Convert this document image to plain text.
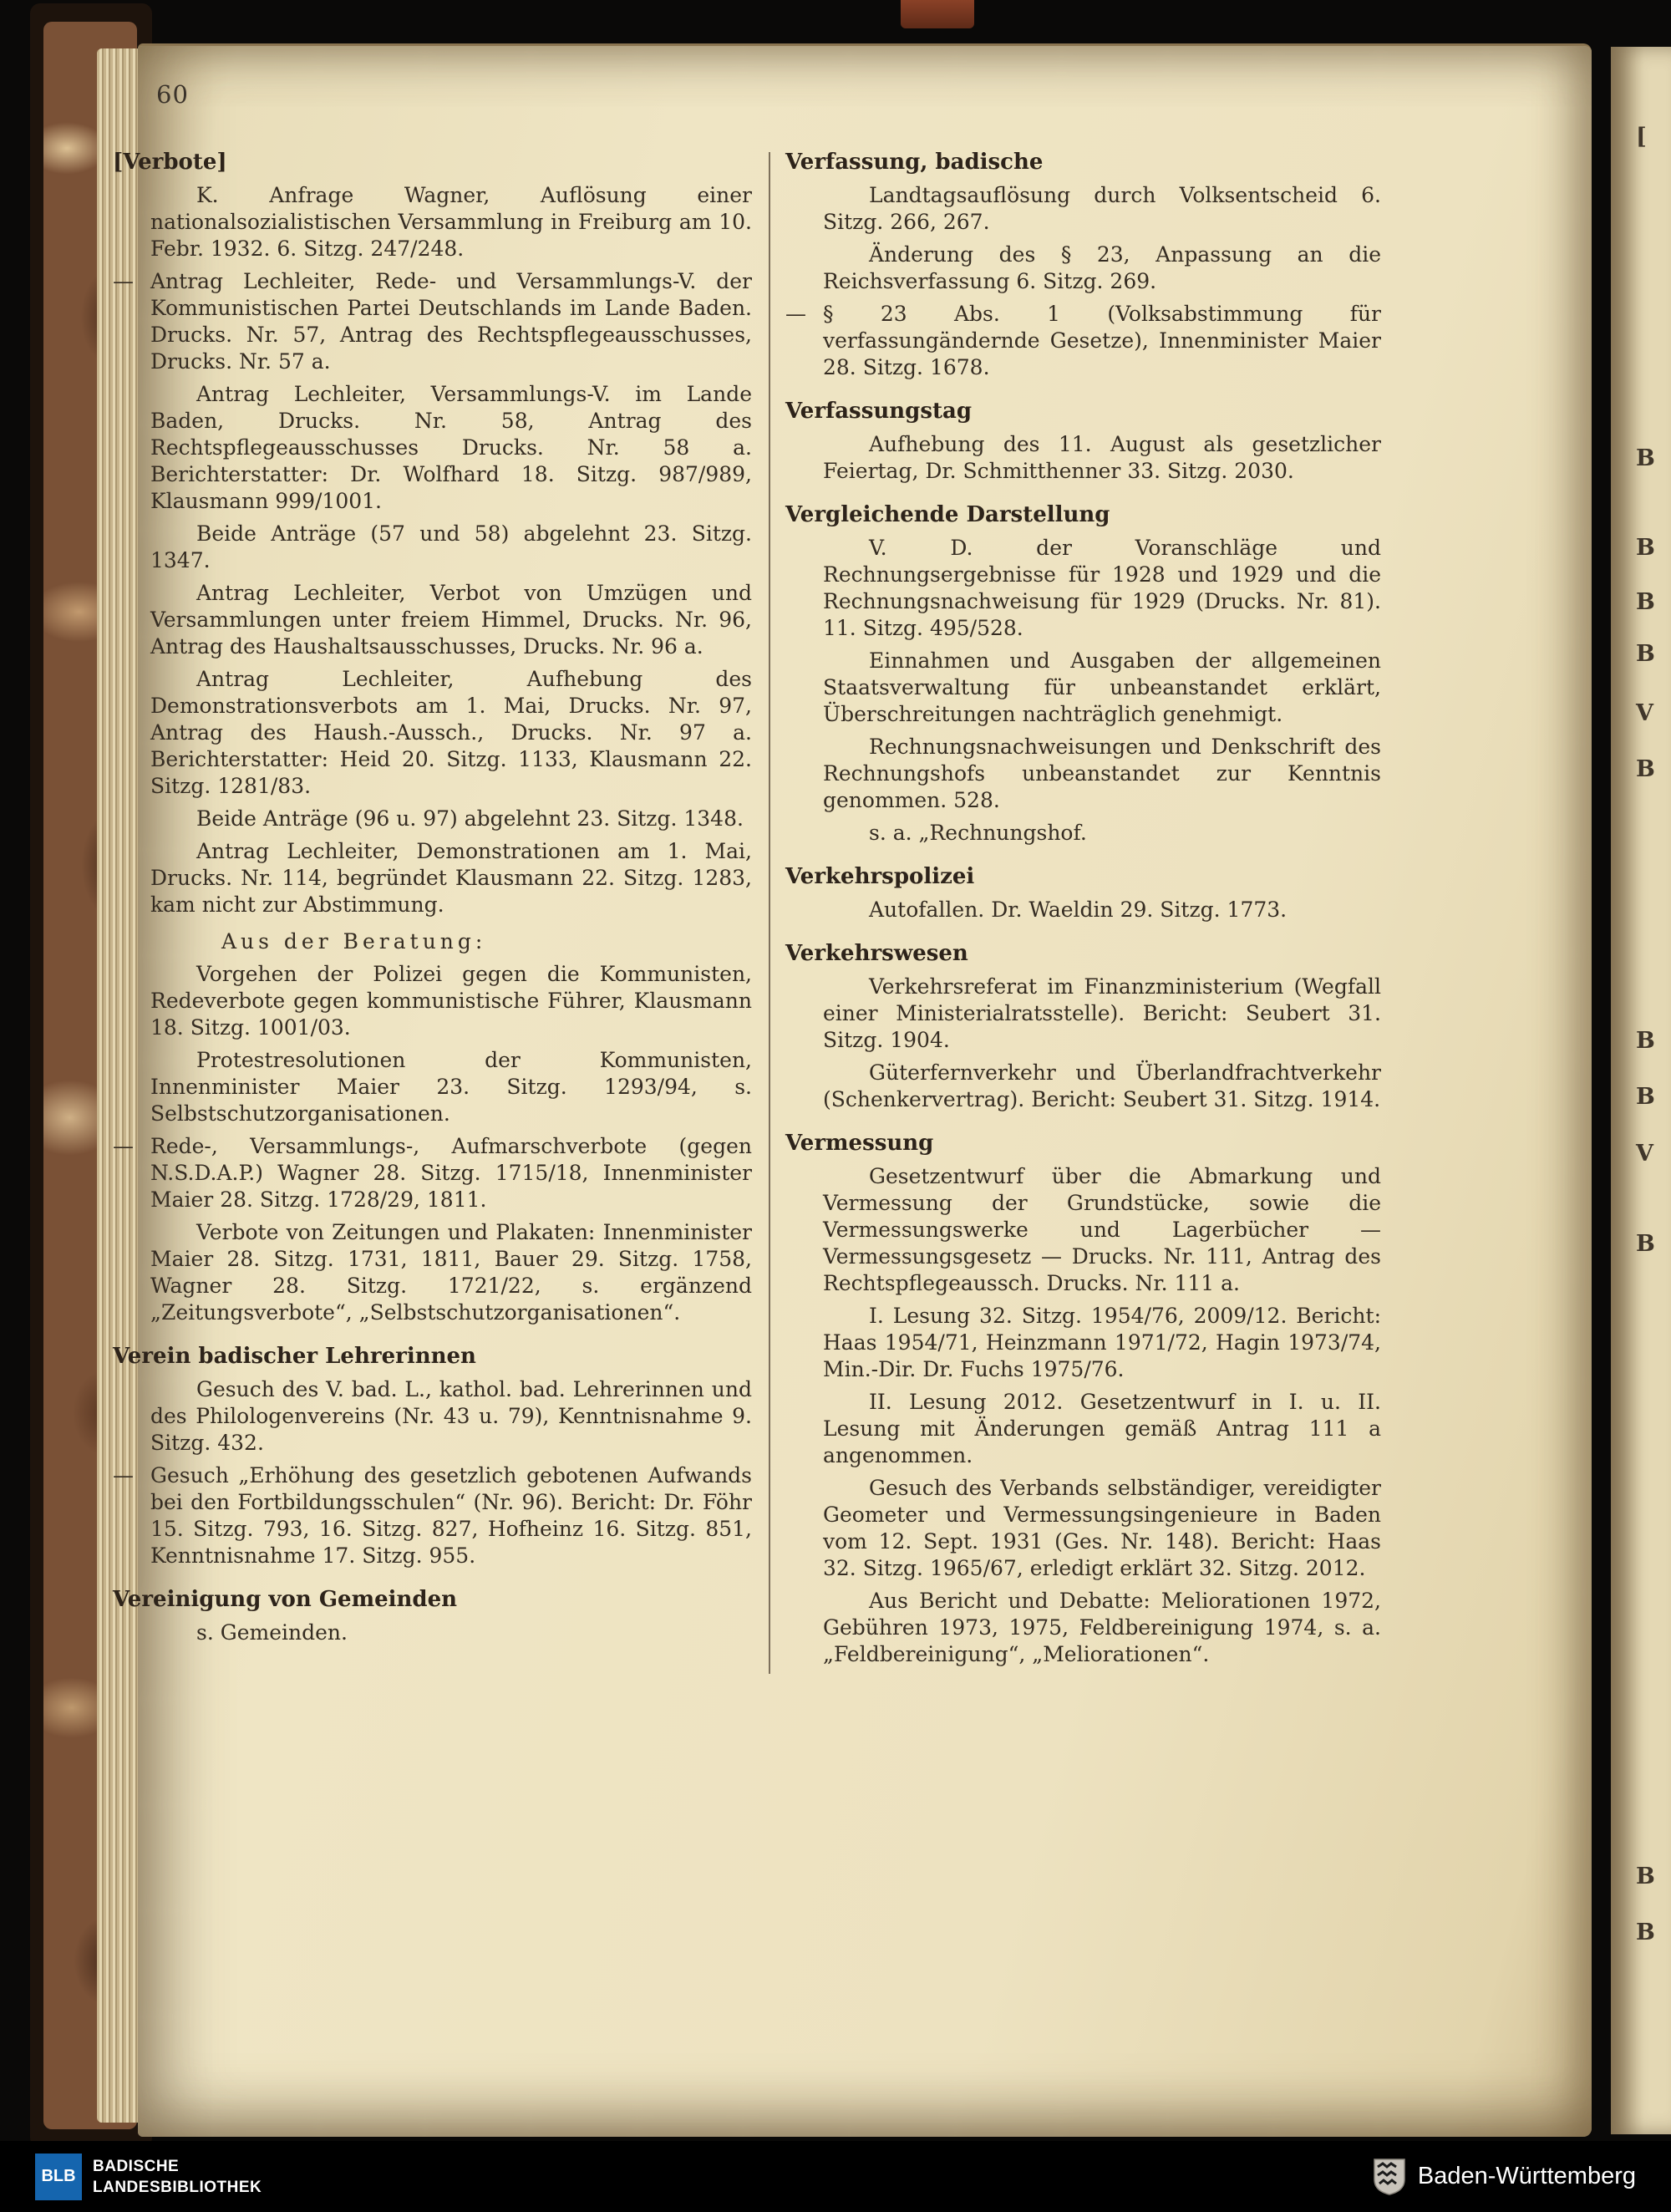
60
[Verbote]

K. Anfrage Wagner, Auflösung einer nationalsozialistischen Versammlung in Freiburg am 10. Febr. 1932. 6. Sitzg. 247/248.

— Antrag Lechleiter, Rede- und Versammlungs-V. der Kommunistischen Partei Deutschlands im Lande Baden. Drucks. Nr. 57, Antrag des Rechtspflegeausschusses, Drucks. Nr. 57 a.

Antrag Lechleiter, Versammlungs-V. im Lande Baden, Drucks. Nr. 58, Antrag des Rechtspflegeausschusses Drucks. Nr. 58 a. Berichterstatter: Dr. Wolfhard 18. Sitzg. 987/989, Klausmann 999/1001.

Beide Anträge (57 und 58) abgelehnt 23. Sitzg. 1347.

Antrag Lechleiter, Verbot von Umzügen und Versammlungen unter freiem Himmel, Drucks. Nr. 96, Antrag des Haushaltsausschusses, Drucks. Nr. 96 a.

Antrag Lechleiter, Aufhebung des Demonstrationsverbots am 1. Mai, Drucks. Nr. 97, Antrag des Haush.-Aussch., Drucks. Nr. 97 a. Berichterstatter: Heid 20. Sitzg. 1133, Klausmann 22. Sitzg. 1281/83.

Beide Anträge (96 u. 97) abgelehnt 23. Sitzg. 1348.

Antrag Lechleiter, Demonstrationen am 1. Mai, Drucks. Nr. 114, begründet Klausmann 22. Sitzg. 1283, kam nicht zur Abstimmung.

Aus der Beratung:

Vorgehen der Polizei gegen die Kommunisten, Redeverbote gegen kommunistische Führer, Klausmann 18. Sitzg. 1001/03.

Protestresolutionen der Kommunisten, Innenminister Maier 23. Sitzg. 1293/94, s. Selbstschutzorganisationen.

— Rede-, Versammlungs-, Aufmarschverbote (gegen N.S.D.A.P.) Wagner 28. Sitzg. 1715/18, Innenminister Maier 28. Sitzg. 1728/29, 1811.

Verbote von Zeitungen und Plakaten: Innenminister Maier 28. Sitzg. 1731, 1811, Bauer 29. Sitzg. 1758, Wagner 28. Sitzg. 1721/22, s. ergänzend „Zeitungsverbote“, „Selbstschutzorganisationen“.

Verein badischer Lehrerinnen

Gesuch des V. bad. L., kathol. bad. Lehrerinnen und des Philologenvereins (Nr. 43 u. 79), Kenntnisnahme 9. Sitzg. 432.

— Gesuch „Erhöhung des gesetzlich gebotenen Aufwands bei den Fortbildungsschulen“ (Nr. 96). Bericht: Dr. Föhr 15. Sitzg. 793, 16. Sitzg. 827, Hofheinz 16. Sitzg. 851, Kenntnisnahme 17. Sitzg. 955.

Vereinigung von Gemeinden

s. Gemeinden.

Verfassung, badische

Landtagsauflösung durch Volksentscheid 6. Sitzg. 266, 267.

Änderung des § 23, Anpassung an die Reichsverfassung 6. Sitzg. 269.

— § 23 Abs. 1 (Volksabstimmung für verfassungändernde Gesetze), Innenminister Maier 28. Sitzg. 1678.

Verfassungstag

Aufhebung des 11. August als gesetzlicher Feiertag, Dr. Schmitthenner 33. Sitzg. 2030.

Vergleichende Darstellung

V. D. der Voranschläge und Rechnungsergebnisse für 1928 und 1929 und die Rechnungsnachweisung für 1929 (Drucks. Nr. 81). 11. Sitzg. 495/528.

Einnahmen und Ausgaben der allgemeinen Staatsverwaltung für unbeanstandet erklärt, Überschreitungen nachträglich genehmigt.

Rechnungsnachweisungen und Denkschrift des Rechnungshofs unbeanstandet zur Kenntnis genommen. 528.

s. a. „Rechnungshof.

Verkehrspolizei

Autofallen. Dr. Waeldin 29. Sitzg. 1773.

Verkehrswesen

Verkehrsreferat im Finanzministerium (Wegfall einer Ministerialratsstelle). Bericht: Seubert 31. Sitzg. 1904.

Güterfernverkehr und Überlandfrachtverkehr (Schenkervertrag). Bericht: Seubert 31. Sitzg. 1914.

Vermessung

Gesetzentwurf über die Abmarkung und Vermessung der Grundstücke, sowie die Vermessungswerke und Lagerbücher — Vermessungsgesetz — Drucks. Nr. 111, Antrag des Rechtspflegeaussch. Drucks. Nr. 111 a.

I. Lesung 32. Sitzg. 1954/76, 2009/12. Bericht: Haas 1954/71, Heinzmann 1971/72, Hagin 1973/74, Min.-Dir. Dr. Fuchs 1975/76.

II. Lesung 2012. Gesetzentwurf in I. u. II. Lesung mit Änderungen gemäß Antrag 111 a angenommen.

Gesuch des Verbands selbständiger, vereidigter Geometer und Vermessungsingenieure in Baden vom 12. Sept. 1931 (Ges. Nr. 148). Bericht: Haas 32. Sitzg. 1965/67, erledigt erklärt 32. Sitzg. 2012.

Aus Bericht und Debatte: Meliorationen 1972, Gebühren 1973, 1975, Feldbereinigung 1974, s. a. „Feldbereinigung“, „Meliorationen“.

[
B
B
B
B
V
B
B
B
V
B
B
B
BLB
BADISCHE
LANDESBIBLIOTHEK	Baden-Württemberg
